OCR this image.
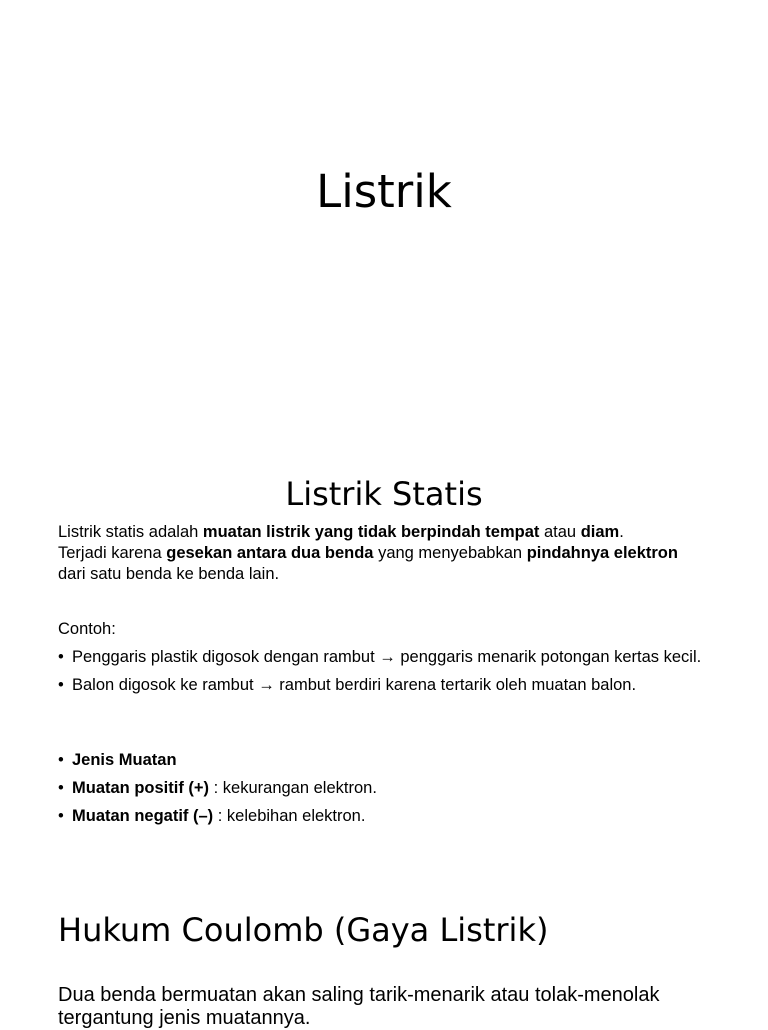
Listrik
Listrik Statis
Listrik statis adalah muatan listrik yang tidak berpindah tempat atau diam.
Terjadi karena gesekan antara dua benda yang menyebabkan pindahnya elektron
dari satu benda ke benda lain.
Contoh:
• Penggaris plastik digosok dengan rambut → penggaris menarik potongan kertas kecil.
• Balon digosok ke rambut → rambut berdiri karena tertarik oleh muatan balon.
• Jenis Muatan
• Muatan positif (+) : kekurangan elektron.
• Muatan negatif (–) : kelebihan elektron.
Hukum Coulomb (Gaya Listrik)
Dua benda bermuatan akan saling tarik-menarik atau tolak-menolak tergantung jenis muatannya.
